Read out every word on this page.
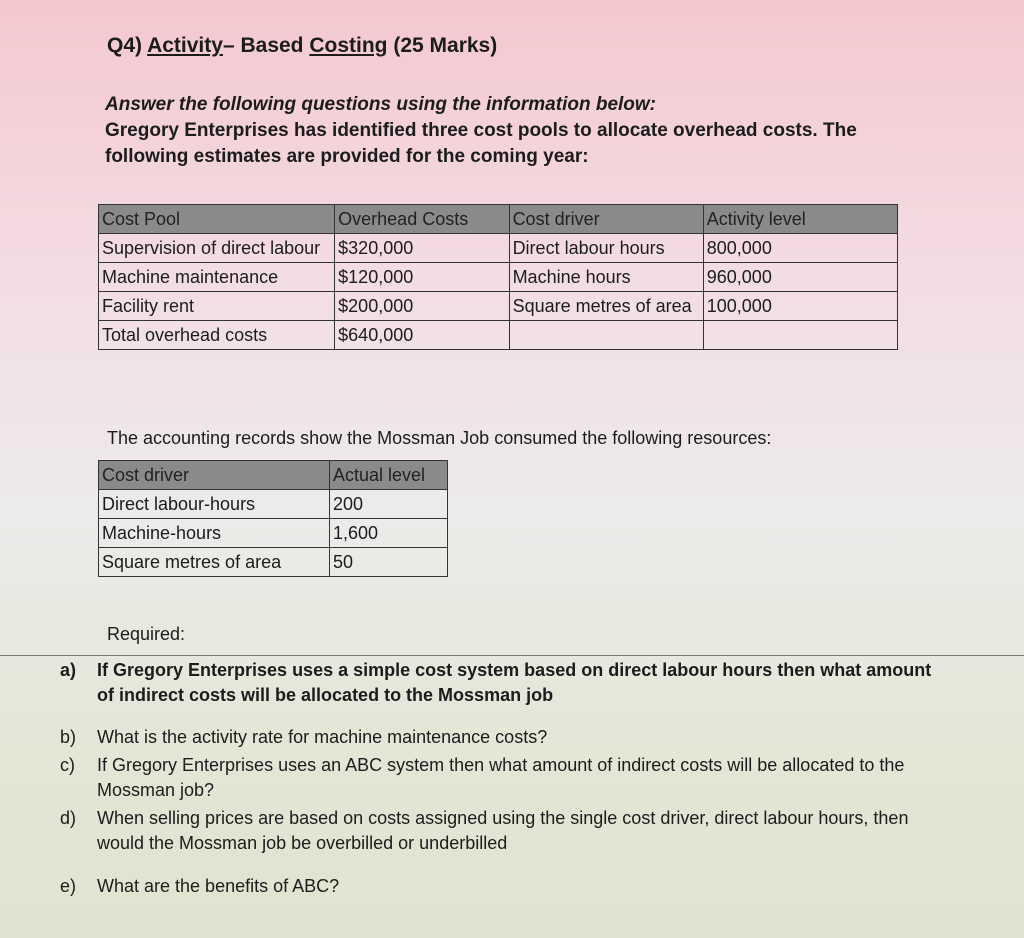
Q4) Activity– Based Costing (25 Marks)
Answer the following questions using the information below:
Gregory Enterprises has identified three cost pools to allocate overhead costs. The following estimates are provided for the coming year:
Cost Pool	Overhead Costs	Cost driver	Activity level
Supervision of direct labour	$320,000	Direct labour hours	800,000
Machine maintenance	$120,000	Machine hours	960,000
Facility rent	$200,000	Square metres of area	100,000
Total overhead costs	$640,000		
The accounting records show the Mossman Job consumed the following resources:
Cost driver	Actual level
Direct labour-hours	200
Machine-hours	1,600
Square metres of area	50
Required:
a)	If Gregory Enterprises uses a simple cost system based on direct labour hours then what amount of indirect costs will be allocated to the Mossman job
b)	What is the activity rate for machine maintenance costs?
c)	If Gregory Enterprises uses an ABC system then what amount of indirect costs will be allocated to the Mossman job?
d)	When selling prices are based on costs assigned using the single cost driver, direct labour hours, then would the Mossman job be overbilled or underbilled
e)	What are the benefits of ABC?
